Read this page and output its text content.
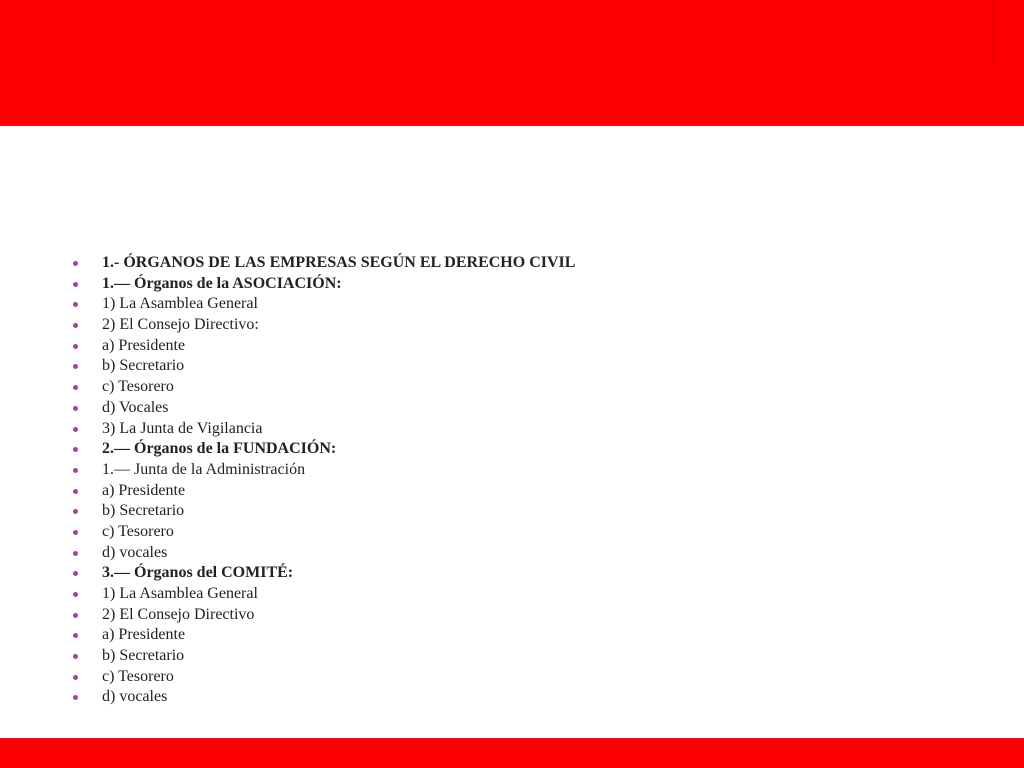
1.- ÓRGANOS DE LAS EMPRESAS SEGÚN EL DERECHO CIVIL
1.— Órganos de la ASOCIACIÓN:
1) La Asamblea General
2) El Consejo Directivo:
a) Presidente
b) Secretario
c) Tesorero
d) Vocales
3) La Junta de Vigilancia
2.— Órganos de la FUNDACIÓN:
1.— Junta de la Administración
a) Presidente
b) Secretario
c) Tesorero
d) vocales
3.— Órganos del COMITÉ:
1) La Asamblea General
2) El Consejo Directivo
a) Presidente
b) Secretario
c) Tesorero
d) vocales
